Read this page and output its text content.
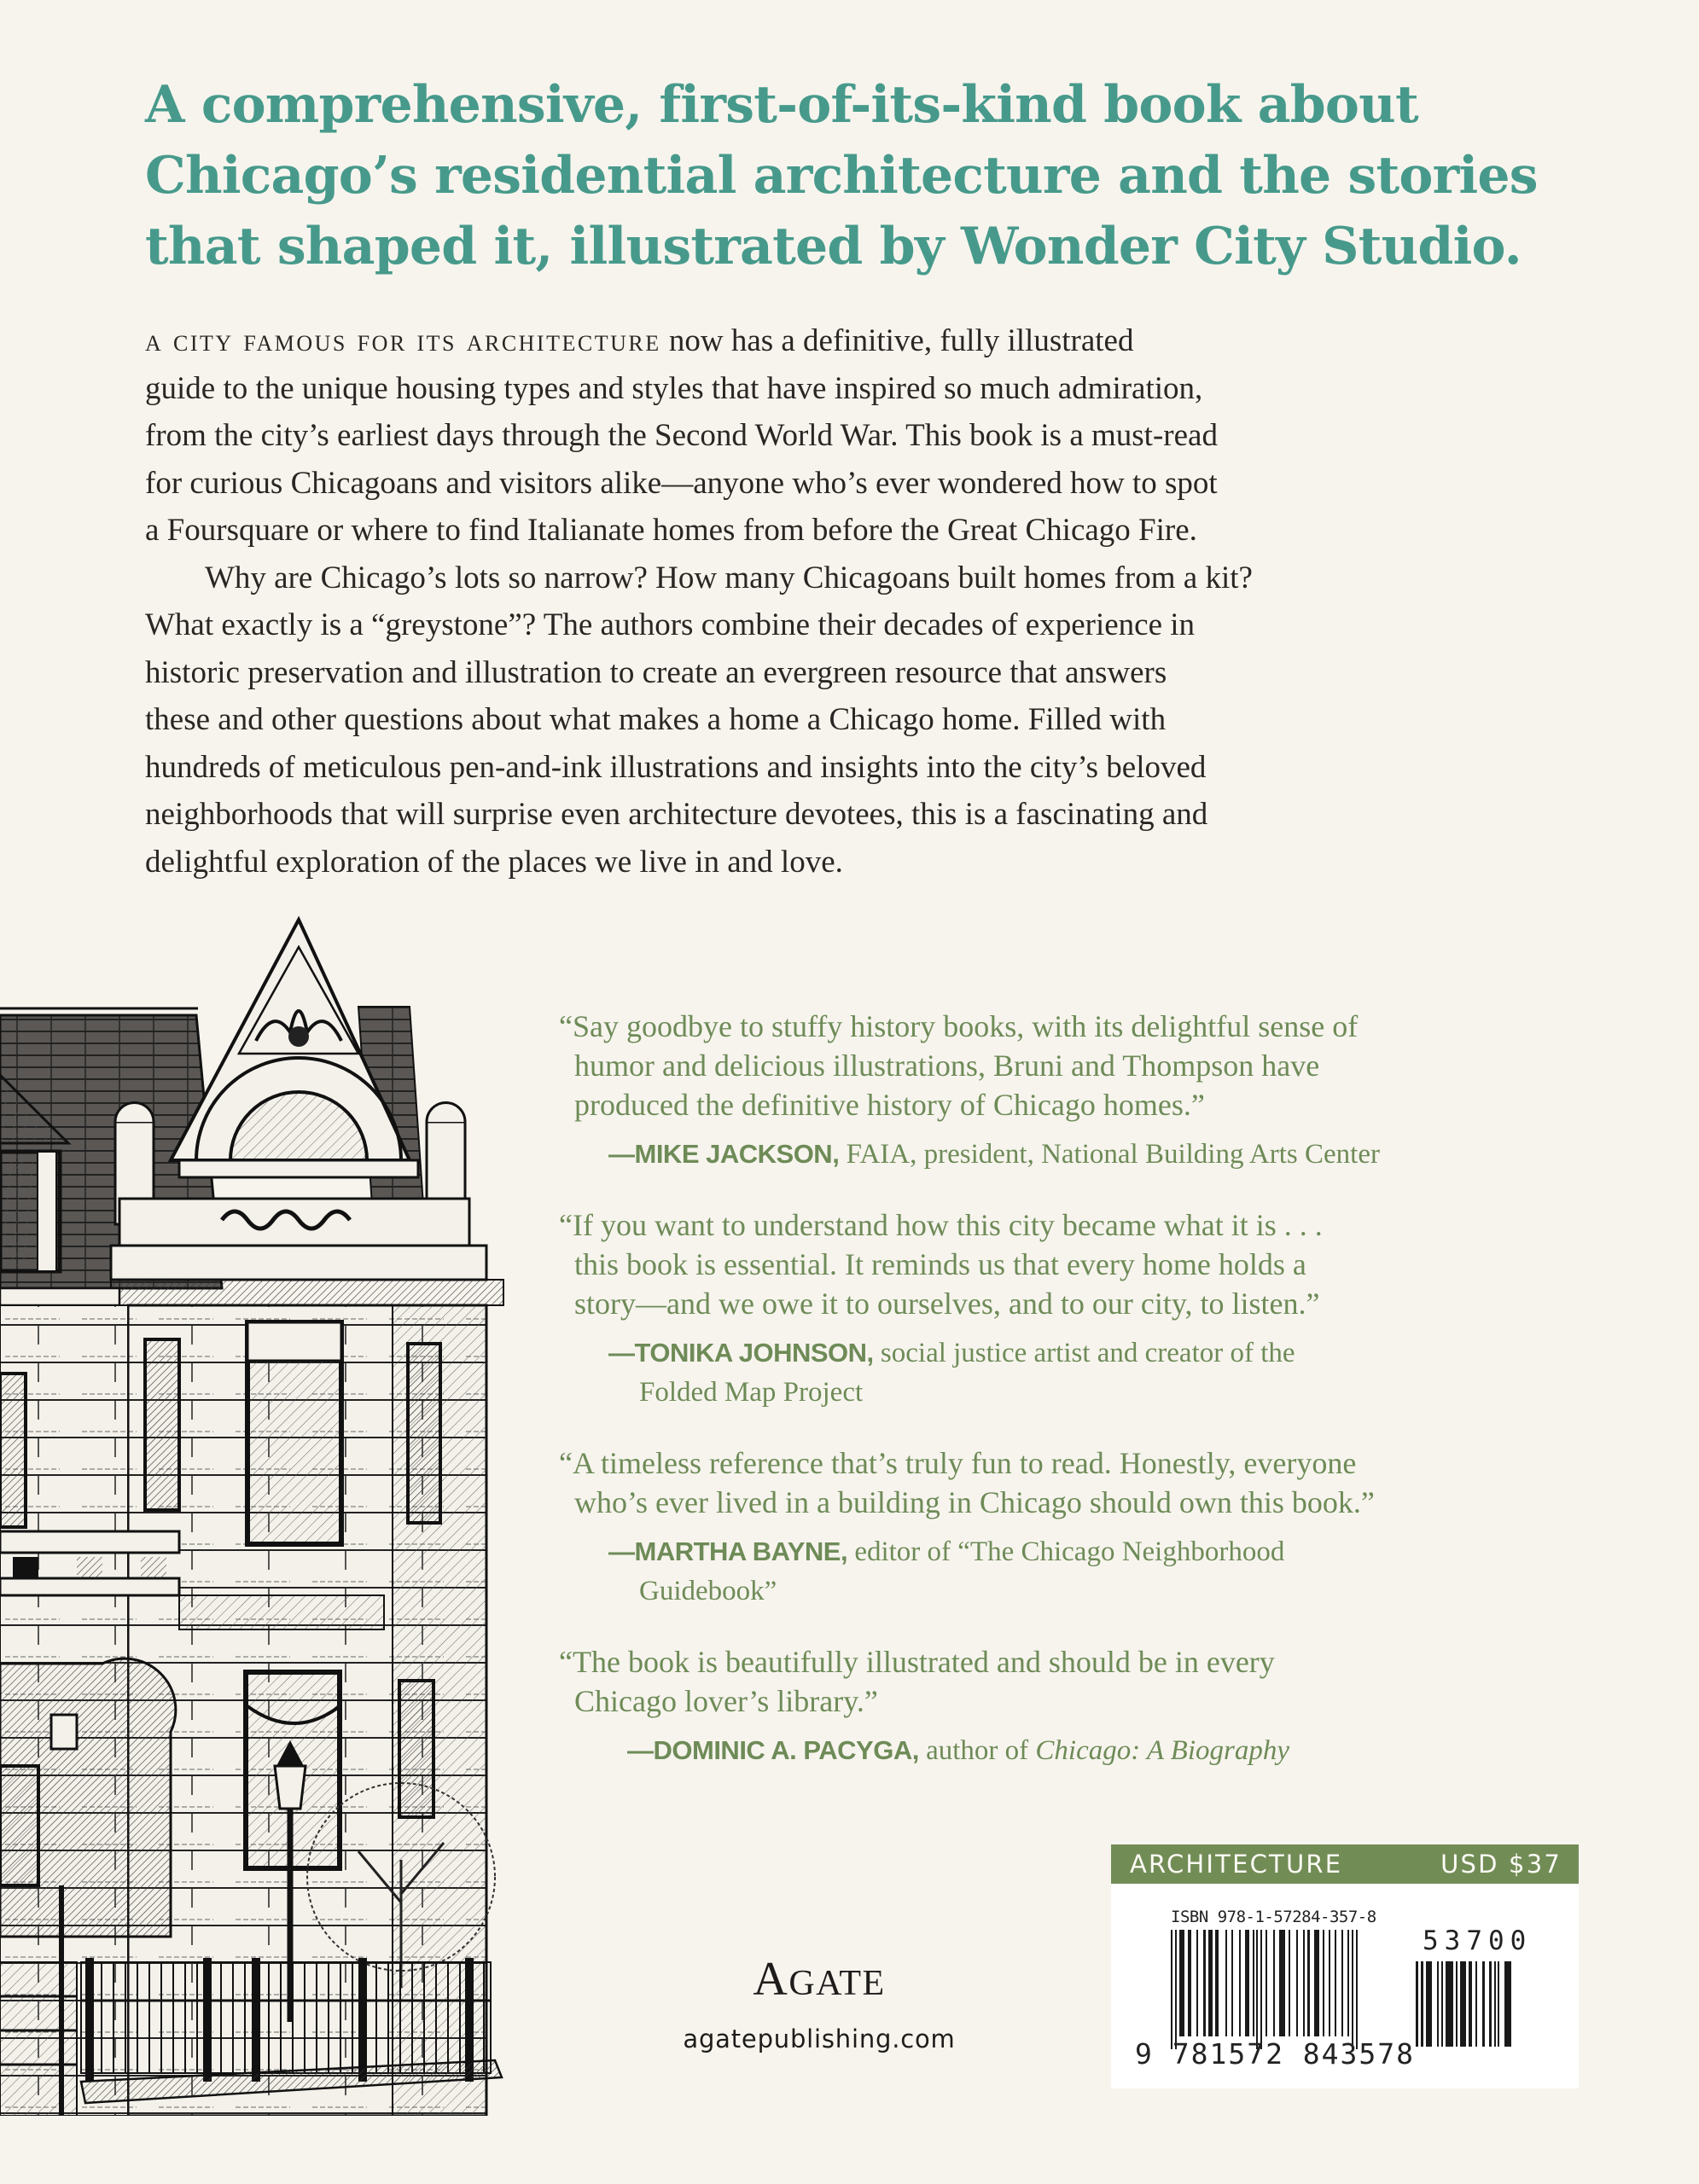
A comprehensive, first-of-its-kind book about
Chicago’s residential architecture and the stories
that shaped it, illustrated by Wonder City Studio.

a city famous for its architecture now has a definitive, fully illustrated
guide to the unique housing types and styles that have inspired so much admiration,
from the city’s earliest days through the Second World War. This book is a must-read
for curious Chicagoans and visitors alike—anyone who’s ever wondered how to spot
a Foursquare or where to find Italianate homes from before the Great Chicago Fire.

Why are Chicago’s lots so narrow? How many Chicagoans built homes from a kit?
What exactly is a “greystone”? The authors combine their decades of experience in
historic preservation and illustration to create an evergreen resource that answers
these and other questions about what makes a home a Chicago home. Filled with
hundreds of meticulous pen-and-ink illustrations and insights into the city’s beloved
neighborhoods that will surprise even architecture devotees, this is a fascinating and
delightful exploration of the places we live in and love.

“Say goodbye to stuffy history books, with its delightful sense of
humor and delicious illustrations, Bruni and Thompson have
produced the definitive history of Chicago homes.”
—MIKE JACKSON, FAIA, president, National Building Arts Center
“If you want to understand how this city became what it is . . .
this book is essential. It reminds us that every home holds a
story—and we owe it to ourselves, and to our city, to listen.”
—TONIKA JOHNSON, social justice artist and creator of the
Folded Map Project
“A timeless reference that’s truly fun to read. Honestly, everyone
who’s ever lived in a building in Chicago should own this book.”
—MARTHA BAYNE, editor of “The Chicago Neighborhood
Guidebook”
“The book is beautifully illustrated and should be in every
Chicago lover’s library.”
—DOMINIC A. PACYGA, author of Chicago: A Biography
AGATE
agatepublishing.com
ARCHITECTURE	USD $37
ISBN 978-1-57284-357-8
53700
9 781572 843578
